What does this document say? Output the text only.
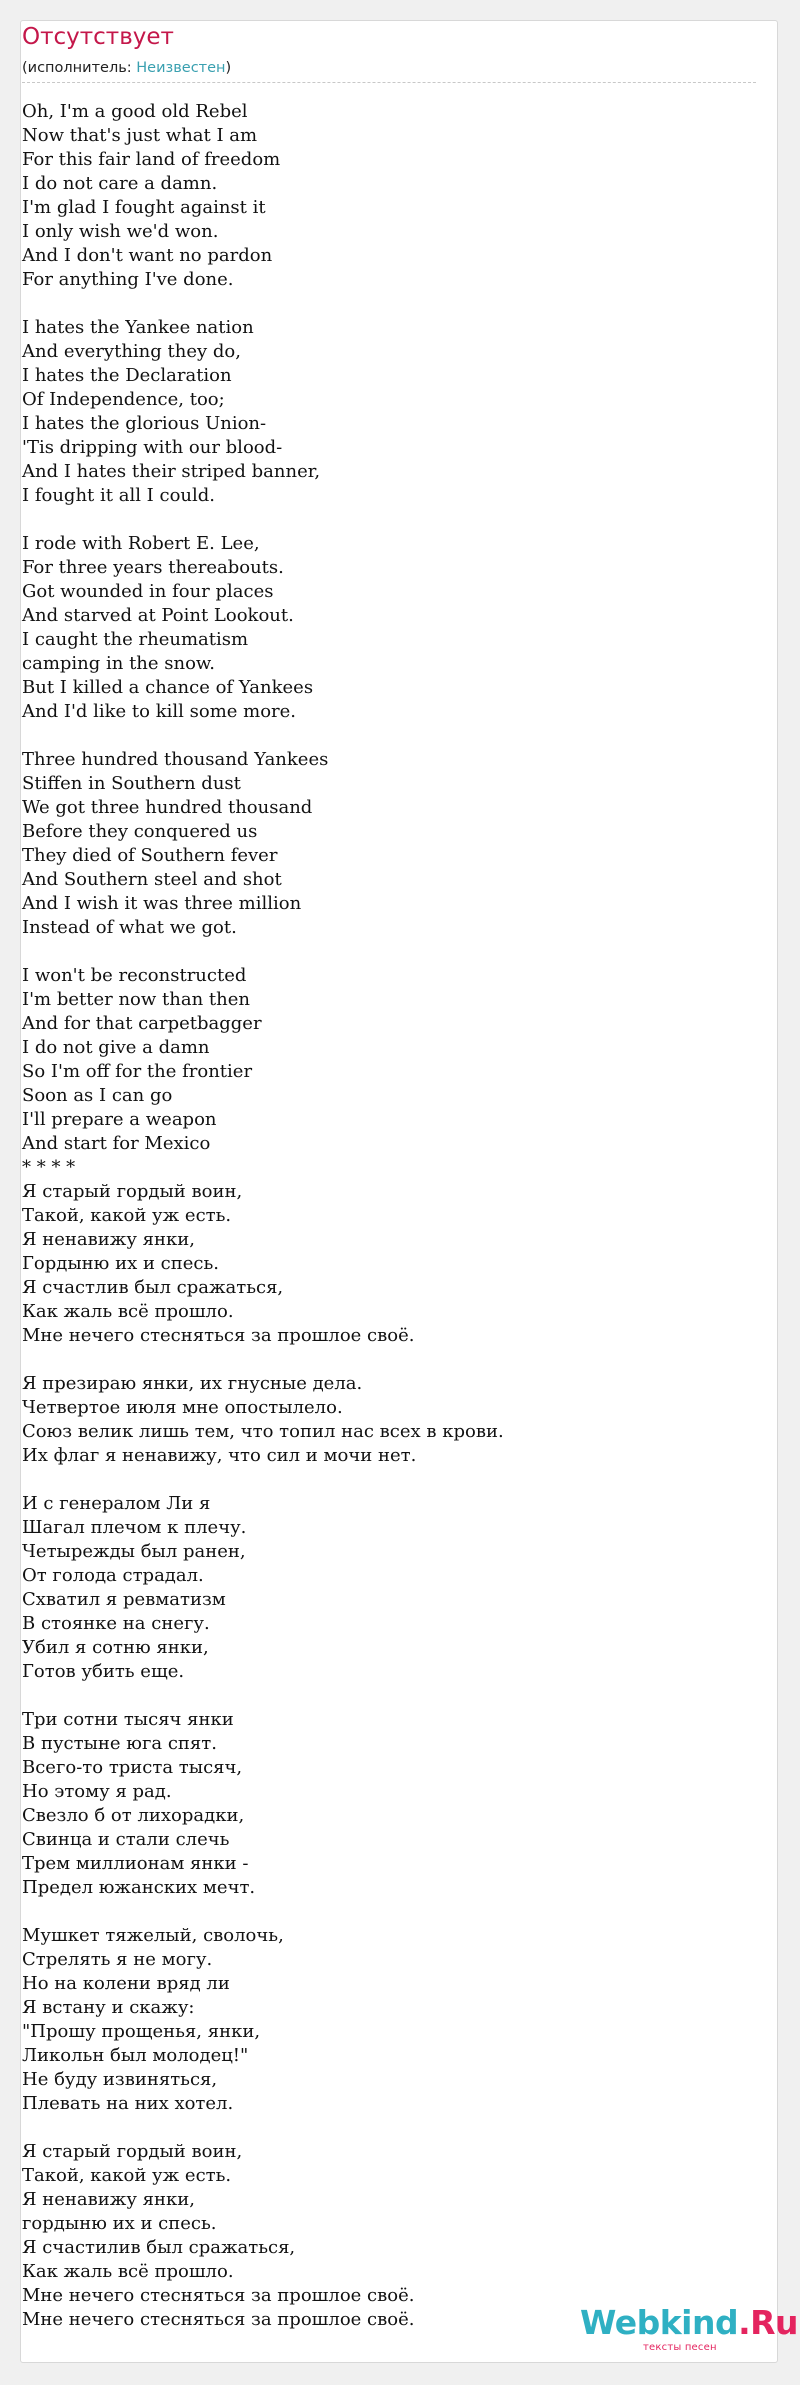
Отсутствует
(исполнитель: Неизвестен)
Oh, I'm a good old Rebel
Now that's just what I am
For this fair land of freedom
I do not care a damn.
I'm glad I fought against it
I only wish we'd won.
And I don't want no pardon
For anything I've done.

I hates the Yankee nation
And everything they do,
I hates the Declaration
Of Independence, too;
I hates the glorious Union-
'Tis dripping with our blood-
And I hates their striped banner,
I fought it all I could.

I rode with Robert E. Lee,
For three years thereabouts.
Got wounded in four places
And starved at Point Lookout.
I caught the rheumatism
camping in the snow.
But I killed a chance of Yankees
And I'd like to kill some more.

Three hundred thousand Yankees
Stiffen in Southern dust
We got three hundred thousand
Before they conquered us
They died of Southern fever
And Southern steel and shot
And I wish it was three million
Instead of what we got.

I won't be reconstructed
I'm better now than then
And for that carpetbagger
I do not give a damn
So I'm off for the frontier
Soon as I can go
I'll prepare a weapon
And start for Mexico
* * * *
Я старый гордый воин,
Такой, какой уж есть.
Я ненавижу янки,
Гордыню их и спесь.
Я счастлив был сражаться,
Как жаль всё прошло.
Мне нечего стесняться за прошлое своё.

Я презираю янки, их гнусные дела.
Четвертое июля мне опостылело.
Союз велик лишь тем, что топил нас всех в крови.
Их флаг я ненавижу, что сил и мочи нет.

И с генералом Ли я
Шагал плечом к плечу.
Четырежды был ранен,
От голода страдал.
Схватил я ревматизм
В стоянке на снегу.
Убил я сотню янки,
Готов убить еще.

Три сотни тысяч янки
В пустыне юга спят.
Всего-то триста тысяч,
Но этому я рад.
Свезло б от лихорадки,
Свинца и стали слечь
Трем миллионам янки -
Предел южанских мечт.

Мушкет тяжелый, сволочь,
Стрелять я не могу.
Но на колени вряд ли
Я встану и скажу:
"Прошу прощенья, янки,
Ликольн был молодец!"
Не буду извиняться,
Плевать на них хотел.

Я старый гордый воин,
Такой, какой уж есть.
Я ненавижу янки,
гордыню их и спесь.
Я счастилив был сражаться,
Как жаль всё прошло.
Мне нечего стесняться за прошлое своё.
Мне нечего стесняться за прошлое своё.	Webkind.Ru
тексты песен
